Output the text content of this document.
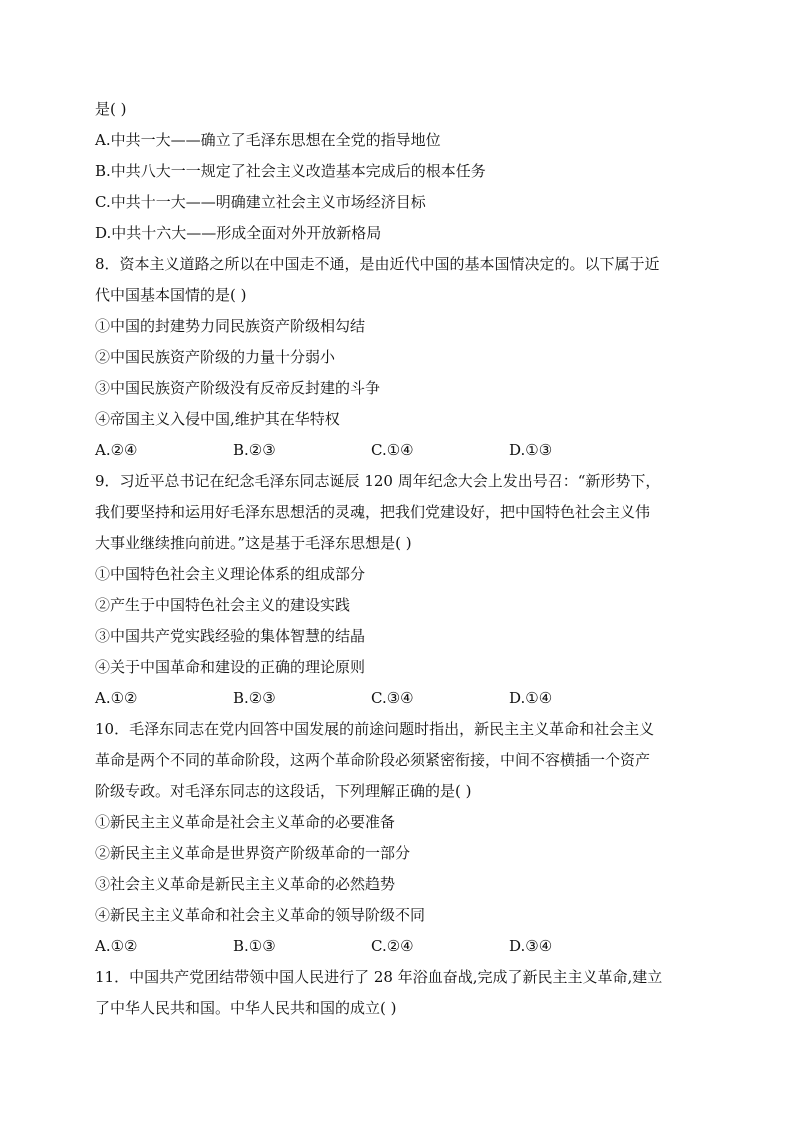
是( )
A.中共一大——确立了毛泽东思想在全党的指导地位
B.中共八大一一规定了社会主义改造基本完成后的根本任务
C.中共十一大——明确建立社会主义市场经济目标
D.中共十六大——形成全面对外开放新格局
8．资本主义道路之所以在中国走不通，是由近代中国的基本国情决定的。以下属于近
代中国基本国情的是( )
①中国的封建势力同民族资产阶级相勾结
②中国民族资产阶级的力量十分弱小
③中国民族资产阶级没有反帝反封建的斗争
④帝国主义入侵中国,维护其在华特权
A.②④	B.②③	C.①④	D.①③
9．习近平总书记在纪念毛泽东同志诞辰 120 周年纪念大会上发出号召：“新形势下，
我们要坚持和运用好毛泽东思想活的灵魂，把我们党建设好，把中国特色社会主义伟
大事业继续推向前进。”这是基于毛泽东思想是( )
①中国特色社会主义理论体系的组成部分
②产生于中国特色社会主义的建设实践
③中国共产党实践经验的集体智慧的结晶
④关于中国革命和建设的正确的理论原则
A.①②	B.②③	C.③④	D.①④
10．毛泽东同志在党内回答中国发展的前途问题时指出，新民主主义革命和社会主义
革命是两个不同的革命阶段，这两个革命阶段必须紧密衔接，中间不容横插一个资产
阶级专政。对毛泽东同志的这段话，下列理解正确的是( )
①新民主主义革命是社会主义革命的必要准备
②新民主主义革命是世界资产阶级革命的一部分
③社会主义革命是新民主主义革命的必然趋势
④新民主主义革命和社会主义革命的领导阶级不同
A.①②	B.①③	C.②④	D.③④
11．中国共产党团结带领中国人民进行了 28 年浴血奋战,完成了新民主主义革命,建立
了中华人民共和国。中华人民共和国的成立( )
